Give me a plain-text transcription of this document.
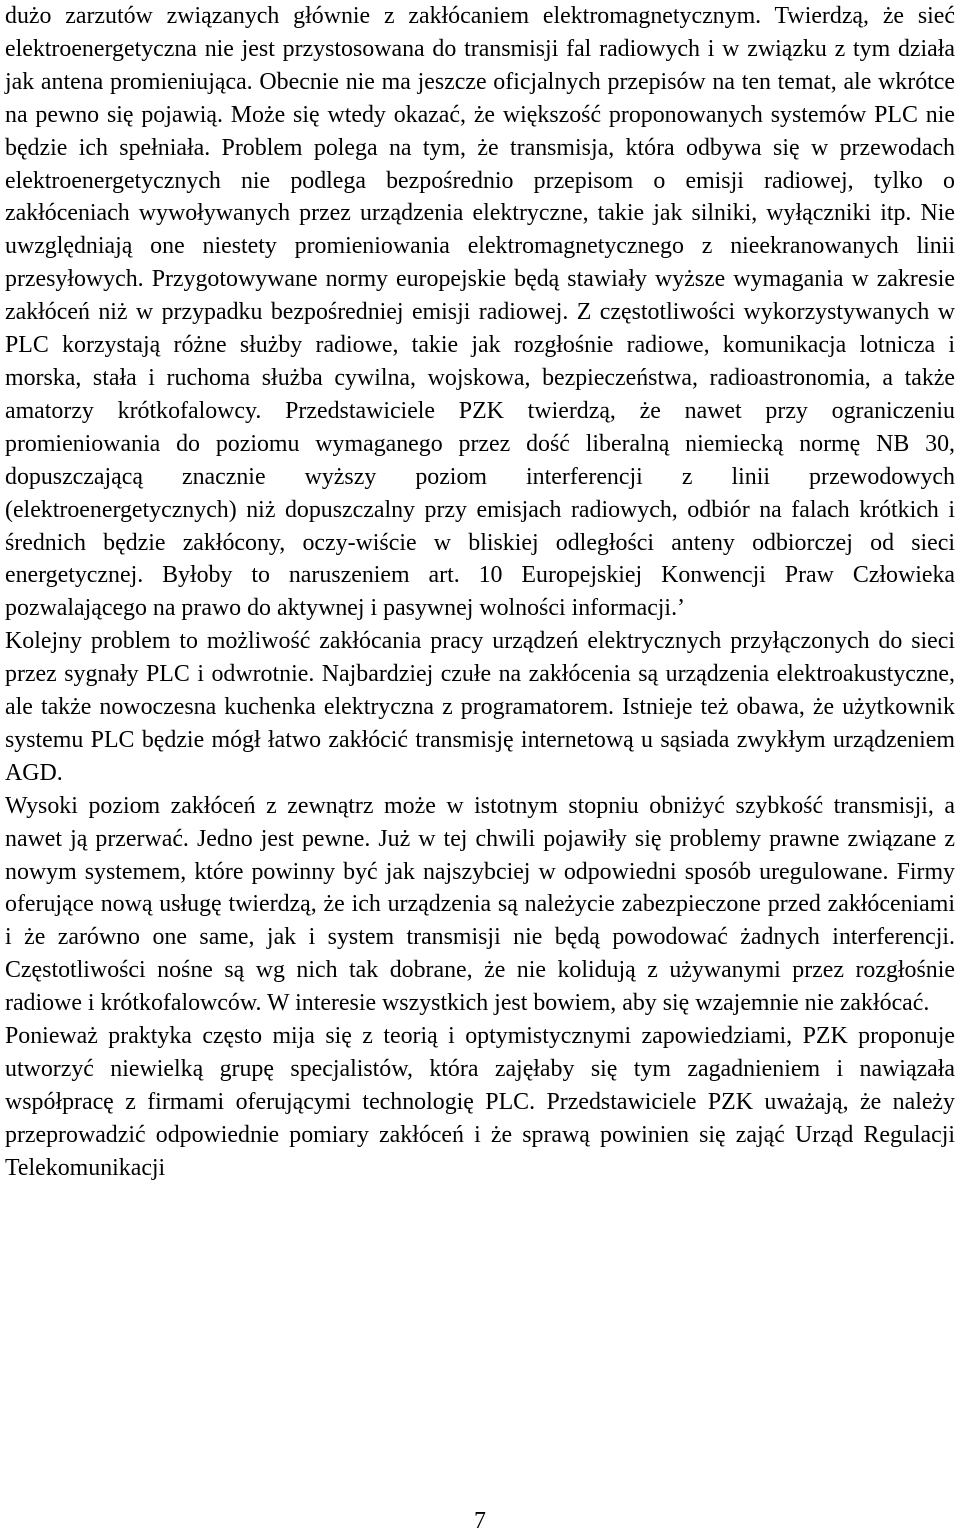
dużo zarzutów związanych głównie z zakłócaniem elektromagnetycznym. Twierdzą, że sieć elektroenergetyczna nie jest przystosowana do transmisji fal radiowych i w związku z tym działa jak antena promieniująca. Obecnie nie ma jeszcze oficjalnych przepisów na ten temat, ale wkrótce na pewno się pojawią. Może się wtedy okazać, że większość proponowanych systemów PLC nie będzie ich spełniała. Problem polega na tym, że transmisja, która odbywa się w przewodach elektroenergetycznych nie podlega bezpośrednio przepisom o emisji radiowej, tylko o zakłóceniach wywoływanych przez urządzenia elektryczne, takie jak silniki, wyłączniki itp. Nie uwzględniają one niestety promieniowania elektromagnetycznego z nieekranowanych linii przesyłowych. Przygotowywane normy europejskie będą stawiały wyższe wymagania w zakresie zakłóceń niż w przypadku bezpośredniej emisji radiowej. Z częstotliwości wykorzystywanych w PLC korzystają różne służby radiowe, takie jak rozgłośnie radiowe, komunikacja lotnicza i morska, stała i ruchoma służba cywilna, wojskowa, bezpieczeństwa, radioastronomia, a także amatorzy krótkofalowcy. Przedstawiciele PZK twierdzą, że nawet przy ograniczeniu promieniowania do poziomu wymaganego przez dość liberalną niemiecką normę NB 30, dopuszczającą znacznie wyższy poziom interferencji z linii przewodowych (elektroenergetycznych) niż dopuszczalny przy emisjach radiowych, odbiór na falach krótkich i średnich będzie zakłócony, oczy-wiście w bliskiej odległości anteny odbiorczej od sieci energetycznej. Byłoby to naruszeniem art. 10 Europejskiej Konwencji Praw Człowieka pozwalającego na prawo do aktywnej i pasywnej wolności informacji.’

Kolejny problem to możliwość zakłócania pracy urządzeń elektrycznych przyłączonych do sieci przez sygnały PLC i odwrotnie. Najbardziej czułe na zakłócenia są urządzenia elektroakustyczne, ale także nowoczesna kuchenka elektryczna z programatorem. Istnieje też obawa, że użytkownik systemu PLC będzie mógł łatwo zakłócić transmisję internetową u sąsiada zwykłym urządzeniem AGD.

Wysoki poziom zakłóceń z zewnątrz może w istotnym stopniu obniżyć szybkość transmisji, a nawet ją przerwać. Jedno jest pewne. Już w tej chwili pojawiły się problemy prawne związane z nowym systemem, które powinny być jak najszybciej w odpowiedni sposób uregulowane. Firmy oferujące nową usługę twierdzą, że ich urządzenia są należycie zabezpieczone przed zakłóceniami i że zarówno one same, jak i system transmisji nie będą powodować żadnych interferencji. Częstotliwości nośne są wg nich tak dobrane, że nie kolidują z używanymi przez rozgłośnie radiowe i krótkofalowców. W interesie wszystkich jest bowiem, aby się wzajemnie nie zakłócać.

Ponieważ praktyka często mija się z teorią i optymistycznymi zapowiedziami, PZK proponuje utworzyć niewielką grupę specjalistów, która zajęłaby się tym zagadnieniem i nawiązała współpracę z firmami oferującymi technologię PLC. Przedstawiciele PZK uważają, że należy przeprowadzić odpowiednie pomiary zakłóceń i że sprawą powinien się zająć Urząd Regulacji Telekomunikacji

7
